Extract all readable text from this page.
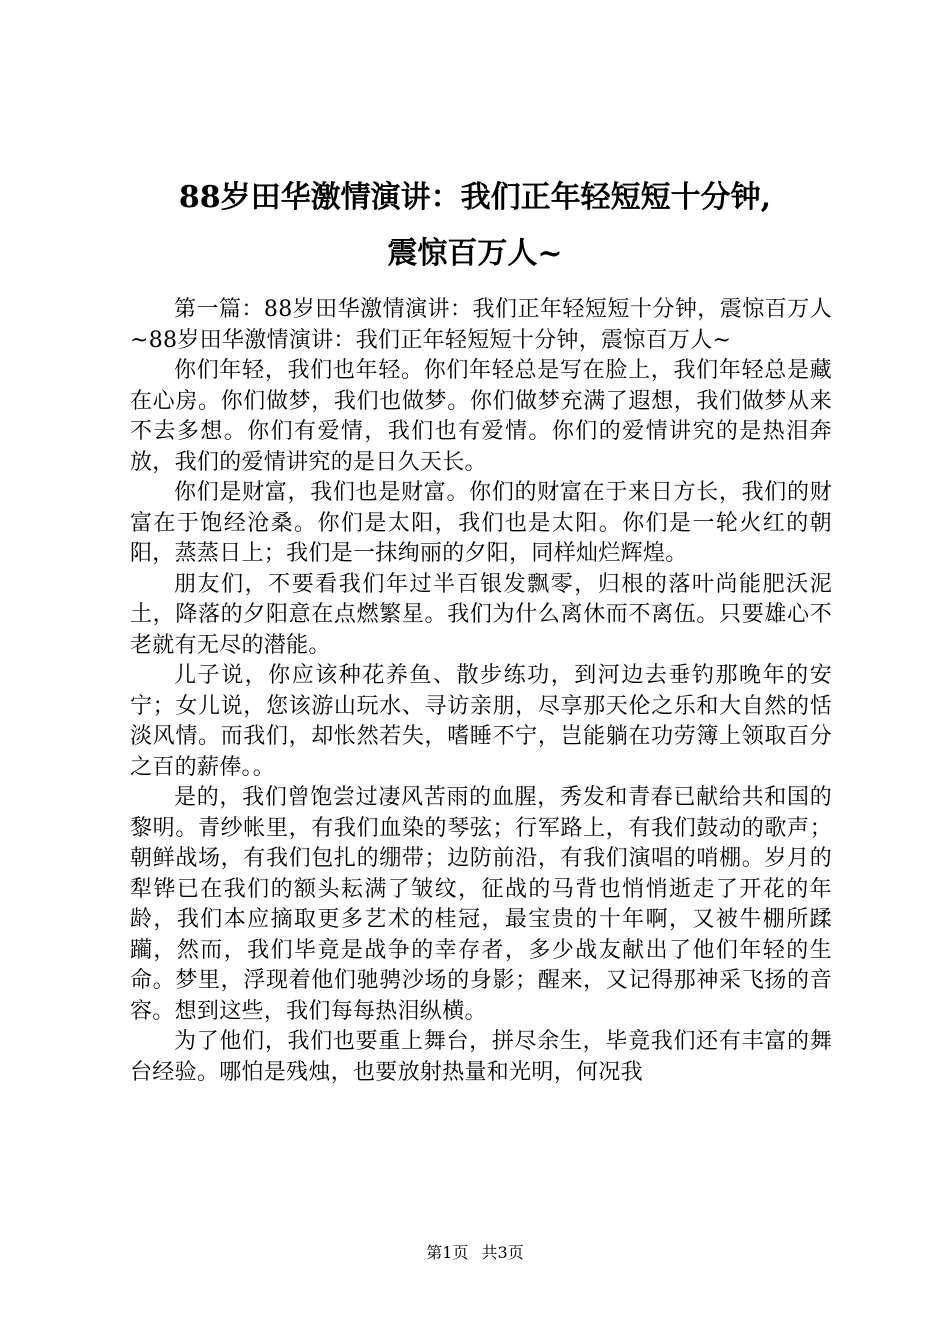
88岁田华激情演讲：我们正年轻短短十分钟,
震惊百万人~

第一篇：88岁田华激情演讲：我们正年轻短短十分钟，震惊百万人~88岁田华激情演讲：我们正年轻短短十分钟，震惊百万人~

你们年轻，我们也年轻。你们年轻总是写在脸上，我们年轻总是藏在心房。你们做梦，我们也做梦。你们做梦充满了遐想，我们做梦从来不去多想。你们有爱情，我们也有爱情。你们的爱情讲究的是热泪奔放，我们的爱情讲究的是日久天长。

你们是财富，我们也是财富。你们的财富在于来日方长，我们的财富在于饱经沧桑。你们是太阳，我们也是太阳。你们是一轮火红的朝阳，蒸蒸日上；我们是一抹绚丽的夕阳，同样灿烂辉煌。

朋友们，不要看我们年过半百银发飘零，归根的落叶尚能肥沃泥土，降落的夕阳意在点燃繁星。我们为什么离休而不离伍。只要雄心不老就有无尽的潜能。

儿子说，你应该种花养鱼、散步练功，到河边去垂钓那晚年的安宁；女儿说，您该游山玩水、寻访亲朋，尽享那天伦之乐和大自然的恬淡风情。而我们，却怅然若失，嗜睡不宁，岂能躺在功劳簿上领取百分之百的薪俸。。

是的，我们曾饱尝过凄风苦雨的血腥，秀发和青春已献给共和国的黎明。青纱帐里，有我们血染的琴弦；行军路上，有我们鼓动的歌声；朝鲜战场，有我们包扎的绷带；边防前沿，有我们演唱的哨棚。岁月的犁铧已在我们的额头耘满了皱纹，征战的马背也悄悄逝走了开花的年龄，我们本应摘取更多艺术的桂冠，最宝贵的十年啊，又被牛棚所蹂躏，然而，我们毕竟是战争的幸存者，多少战友献出了他们年轻的生命。梦里，浮现着他们驰骋沙场的身影；醒来，又记得那神采飞扬的音容。想到这些，我们每每热泪纵横。

为了他们，我们也要重上舞台，拼尽余生，毕竟我们还有丰富的舞台经验。哪怕是残烛，也要放射热量和光明，何况我

第1页 共3页
